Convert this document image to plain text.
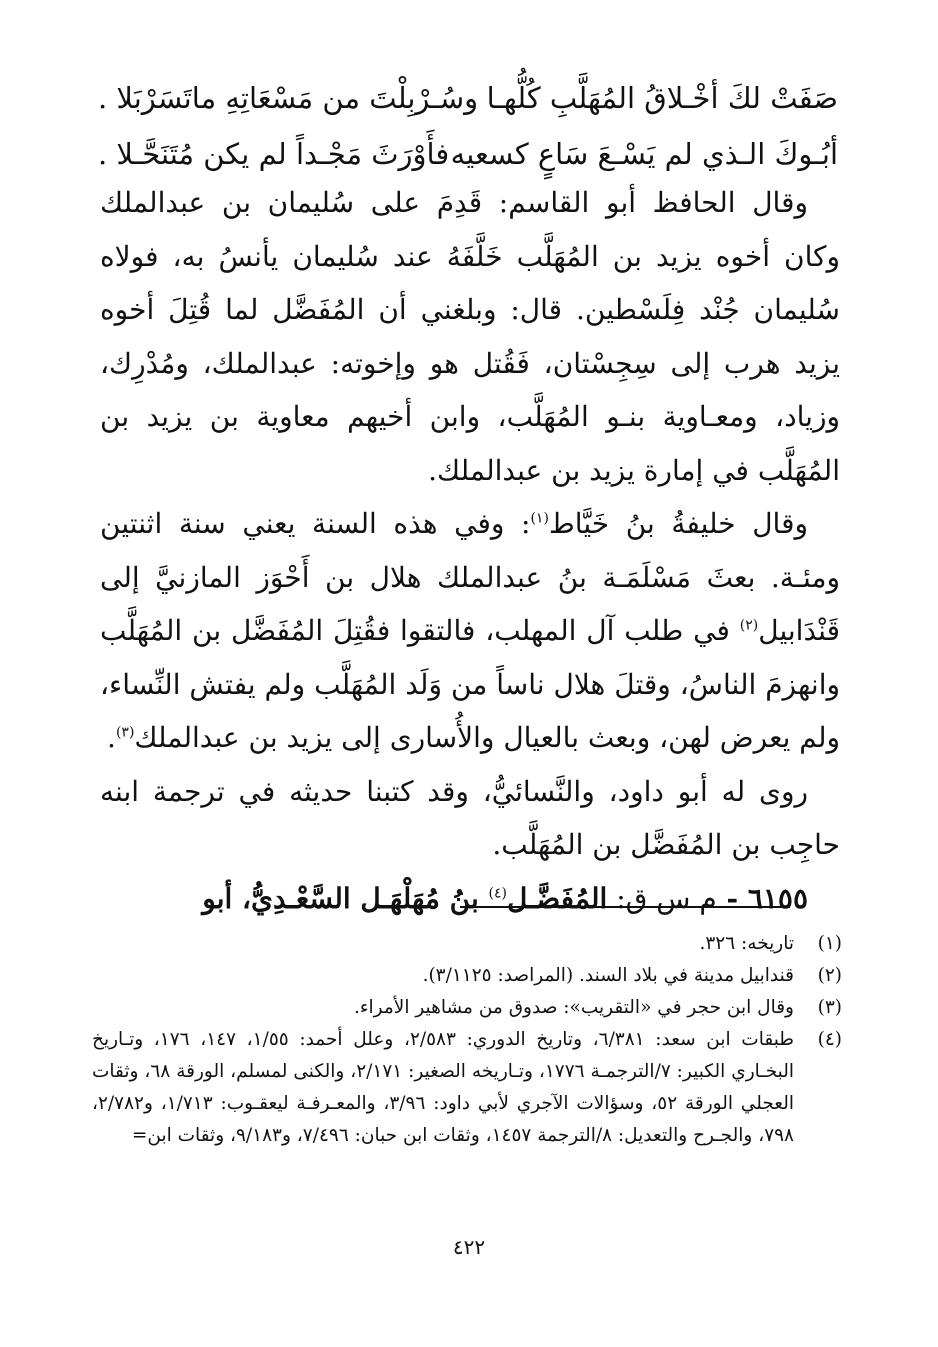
صَفَتْ لكَ أخْـلاقُ المُهَلَّبِ كُلُّهـا
وسُـرْبِلْتَ من مَسْعَاتِهِ ماتَسَرْبَلا .
أبُـوكَ الـذي لم يَسْـعَ سَاعٍ كسعيه
فأَوْرَثَ مَجْـداً لم يكن مُتَنَحَّـلا .

وقال الحافظ أبو القاسم: قَدِمَ على سُليمان بن عبدالملك وكان أخوه يزيد بن المُهَلَّب خَلَّفَهُ عند سُليمان يأنسُ به، فولاه سُليمان جُنْد فِلَسْطين. قال: وبلغني أن المُفَضَّل لما قُتِلَ أخوه يزيد هرب إلى سِجِسْتان، فَقُتل هو وإخوته: عبدالملك، ومُدْرِك، وزياد، ومعـاوية بنـو المُهَلَّب، وابن أخيهم معاوية بن يزيد بن المُهَلَّب في إمارة يزيد بن عبدالملك.

وقال خليفةُ بنُ خَيَّاط$^{(١)}$: وفي هذه السنة يعني سنة اثنتين ومئـة. بعثَ مَسْلَمَـة بنُ عبدالملك هلال بن أَحْوَز المازنيَّ إلى قَنْدَابيل$^{(٢)}$ في طلب آل المهلب، فالتقوا فقُتِلَ المُفَضَّل بن المُهَلَّب وانهزمَ الناسُ، وقتلَ هلال ناساً من وَلَد المُهَلَّب ولم يفتش النِّساء، ولم يعرض لهن، وبعث بالعيال والأُسارى إلى يزيد بن عبدالملك$^{(٣)}$.

روى له أبو داود، والنَّسائيُّ، وقد كتبنا حديثه في ترجمة ابنه حاجِب بن المُفَضَّل بن المُهَلَّب.

٦١٥٥ - م س ق: المُفَضَّـل$^{(٤)}$ بنُ مُهَلْهَـل السَّعْـدِيُّ، أبو

(١)
تاريخه: ٣٢٦.
(٢)
قندابيل مدينة في بلاد السند. (المراصد: ٣/١١٢٥).
(٣)
وقال ابن حجر في «التقريب»: صدوق من مشاهير الأمراء.
(٤)
طبقات ابن سعد: ٦/٣٨١، وتاريخ الدوري: ٢/٥٨٣، وعلل أحمد: ١/٥٥، ١٤٧، ١٧٦، وتـاريخ البخـاري الكبير: ٧/الترجمـة ١٧٧٦، وتـاريخه الصغير: ٢/١٧١، والكنى لمسلم، الورقة ٦٨، وثقات العجلي الورقة ٥٢، وسؤالات الآجري لأبي داود: ٣/٩٦، والمعـرفـة ليعقـوب: ١/٧١٣، و٢/٧٨٢، ٧٩٨، والجـرح والتعديل: ٨/الترجمة ١٤٥٧، وثقات ابن حبان: ٧/٤٩٦، و٩/١٨٣، وثقات ابن=
٤٢٢
